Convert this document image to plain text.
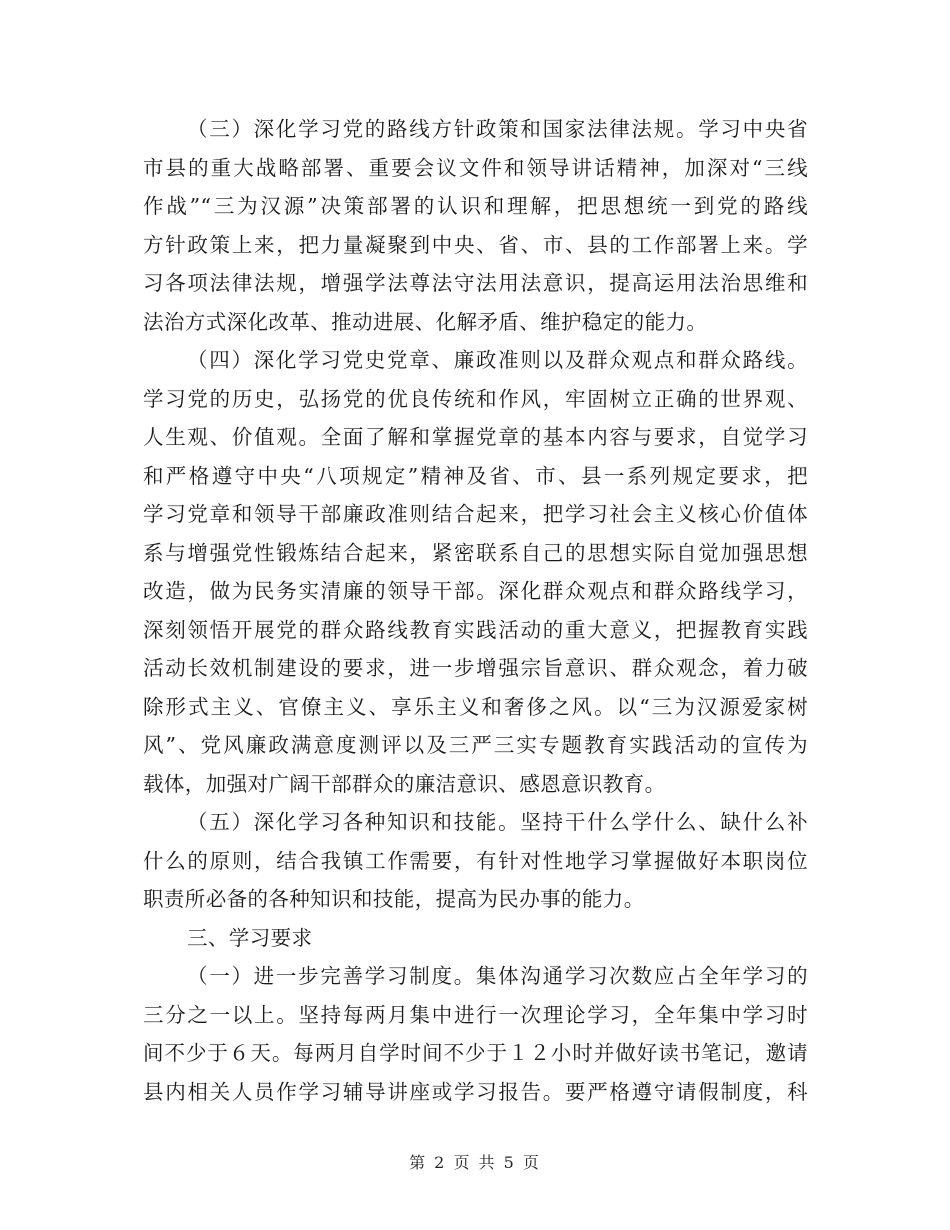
（三）深化学习党的路线方针政策和国家法律法规。学习中央省
市县的重大战略部署、重要会议文件和领导讲话精神，加深对“三线
作战”“三为汉源”决策部署的认识和理解，把思想统一到党的路线
方针政策上来，把力量凝聚到中央、省、市、县的工作部署上来。学
习各项法律法规，增强学法尊法守法用法意识，提高运用法治思维和
法治方式深化改革、推动进展、化解矛盾、维护稳定的能力。
（四）深化学习党史党章、廉政准则以及群众观点和群众路线。
学习党的历史，弘扬党的优良传统和作风，牢固树立正确的世界观、
人生观、价值观。全面了解和掌握党章的基本内容与要求，自觉学习
和严格遵守中央“八项规定”精神及省、市、县一系列规定要求，把
学习党章和领导干部廉政准则结合起来，把学习社会主义核心价值体
系与增强党性锻炼结合起来，紧密联系自己的思想实际自觉加强思想
改造，做为民务实清廉的领导干部。深化群众观点和群众路线学习，
深刻领悟开展党的群众路线教育实践活动的重大意义，把握教育实践
活动长效机制建设的要求，进一步增强宗旨意识、群众观念，着力破
除形式主义、官僚主义、享乐主义和奢侈之风。以“三为汉源爱家树
风”、党风廉政满意度测评以及三严三实专题教育实践活动的宣传为
载体，加强对广阔干部群众的廉洁意识、感恩意识教育。
（五）深化学习各种知识和技能。坚持干什么学什么、缺什么补
什么的原则，结合我镇工作需要，有针对性地学习掌握做好本职岗位
职责所必备的各种知识和技能，提高为民办事的能力。
三、学习要求
（一）进一步完善学习制度。集体沟通学习次数应占全年学习的
三分之一以上。坚持每两月集中进行一次理论学习，全年集中学习时
间不少于６天。每两月自学时间不少于１２小时并做好读书笔记，邀请
县内相关人员作学习辅导讲座或学习报告。要严格遵守请假制度，科
第 2 页 共 5 页
